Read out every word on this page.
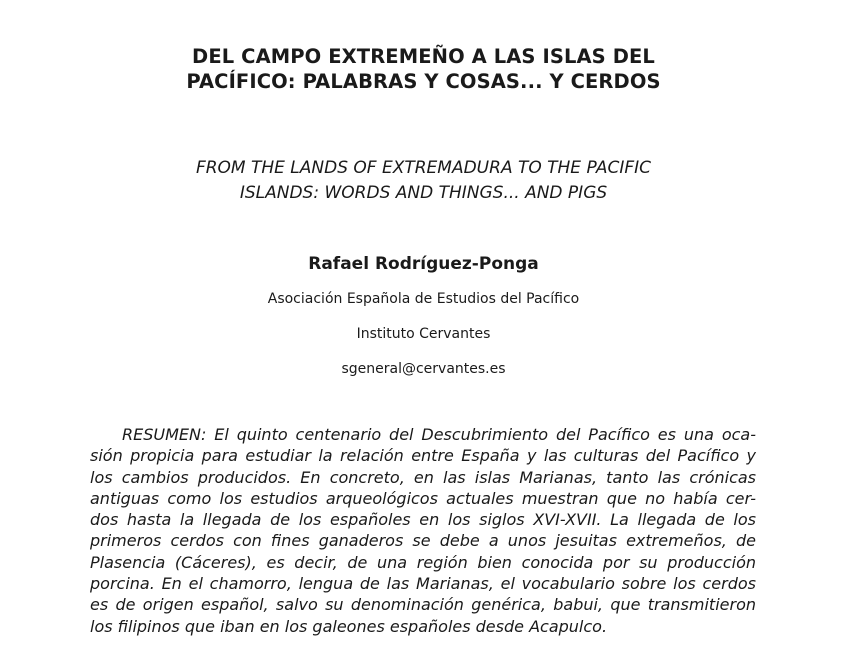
DEL CAMPO EXTREMEÑO A LAS ISLAS DEL
PACÍFICO: PALABRAS Y COSAS... Y CERDOS
FROM THE LANDS OF EXTREMADURA TO THE PACIFIC
ISLANDS: WORDS AND THINGS... AND PIGS
Rafael Rodríguez-Ponga
Asociación Española de Estudios del Pacífico
Instituto Cervantes
sgeneral@cervantes.es
RESUMEN: El quinto centenario del Descubrimiento del Pacífico es una oca-
sión propicia para estudiar la relación entre España y las culturas del Pacífico y
los cambios producidos. En concreto, en las islas Marianas, tanto las crónicas
antiguas como los estudios arqueológicos actuales muestran que no había cer-
dos hasta la llegada de los españoles en los siglos XVI-XVII. La llegada de los
primeros cerdos con fines ganaderos se debe a unos jesuitas extremeños, de
Plasencia (Cáceres), es decir, de una región bien conocida por su producción
porcina. En el chamorro, lengua de las Marianas, el vocabulario sobre los cerdos
es de origen español, salvo su denominación genérica, babui, que transmitieron
los filipinos que iban en los galeones españoles desde Acapulco.
